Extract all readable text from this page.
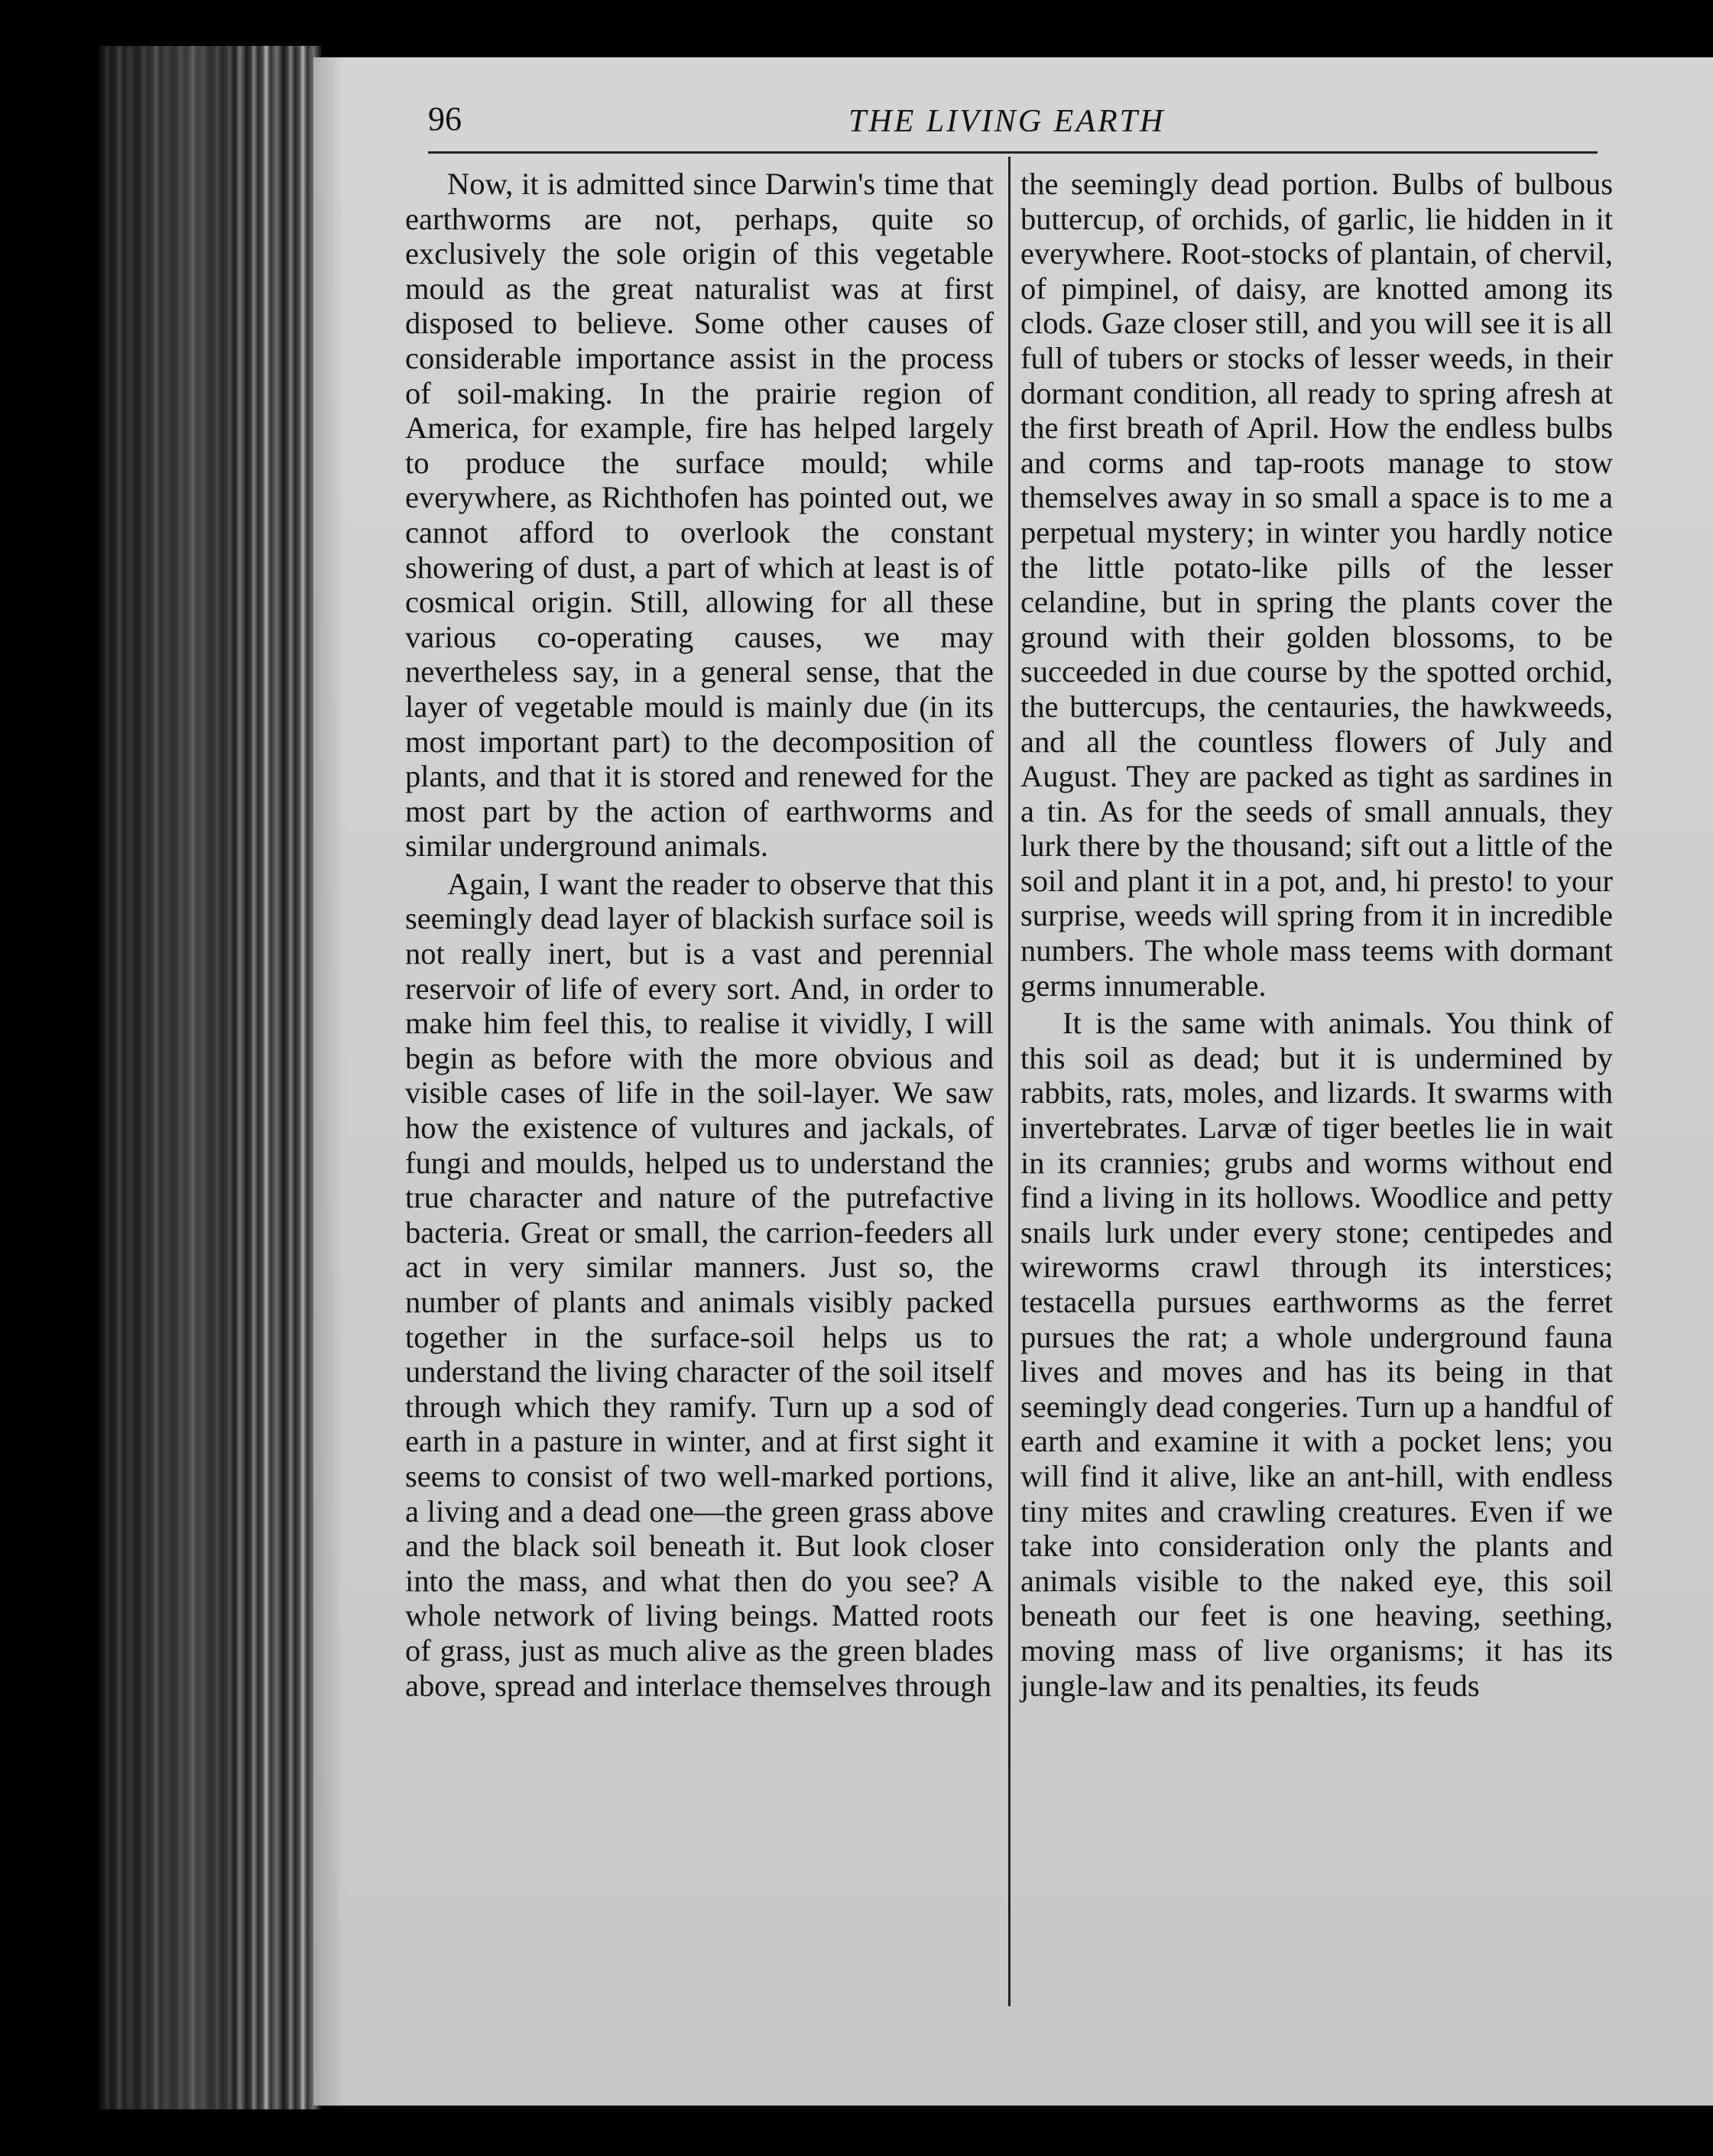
96	THE LIVING EARTH

Now, it is admitted since Darwin's time that earthworms are not, perhaps, quite so exclusively the sole origin of this vegetable mould as the great naturalist was at first disposed to believe. Some other causes of considerable importance assist in the process of soil-making. In the prairie region of America, for example, fire has helped largely to produce the surface mould; while everywhere, as Richthofen has pointed out, we cannot afford to overlook the constant showering of dust, a part of which at least is of cosmical origin. Still, allowing for all these various co-operating causes, we may nevertheless say, in a general sense, that the layer of vegetable mould is mainly due (in its most important part) to the decomposition of plants, and that it is stored and renewed for the most part by the action of earthworms and similar underground animals.

Again, I want the reader to observe that this seemingly dead layer of blackish surface soil is not really inert, but is a vast and perennial reservoir of life of every sort. And, in order to make him feel this, to realise it vividly, I will begin as before with the more obvious and visible cases of life in the soil-layer. We saw how the existence of vultures and jackals, of fungi and moulds, helped us to understand the true character and nature of the putrefactive bacteria. Great or small, the carrion-feeders all act in very similar manners. Just so, the number of plants and animals visibly packed together in the surface-soil helps us to understand the living character of the soil itself through which they ramify. Turn up a sod of earth in a pasture in winter, and at first sight it seems to consist of two well-marked portions, a living and a dead one—the green grass above and the black soil beneath it. But look closer into the mass, and what then do you see? A whole network of living beings. Matted roots of grass, just as much alive as the green blades above, spread and interlace themselves through

the seemingly dead portion. Bulbs of bulbous buttercup, of orchids, of garlic, lie hidden in it everywhere. Root-stocks of plantain, of chervil, of pimpinel, of daisy, are knotted among its clods. Gaze closer still, and you will see it is all full of tubers or stocks of lesser weeds, in their dormant condition, all ready to spring afresh at the first breath of April. How the endless bulbs and corms and tap-roots manage to stow themselves away in so small a space is to me a perpetual mystery; in winter you hardly notice the little potato-like pills of the lesser celandine, but in spring the plants cover the ground with their golden blossoms, to be succeeded in due course by the spotted orchid, the buttercups, the centauries, the hawkweeds, and all the countless flowers of July and August. They are packed as tight as sardines in a tin. As for the seeds of small annuals, they lurk there by the thousand; sift out a little of the soil and plant it in a pot, and, hi presto! to your surprise, weeds will spring from it in incredible numbers. The whole mass teems with dormant germs innumerable.

It is the same with animals. You think of this soil as dead; but it is undermined by rabbits, rats, moles, and lizards. It swarms with invertebrates. Larvæ of tiger beetles lie in wait in its crannies; grubs and worms without end find a living in its hollows. Woodlice and petty snails lurk under every stone; centipedes and wireworms crawl through its interstices; testacella pursues earthworms as the ferret pursues the rat; a whole underground fauna lives and moves and has its being in that seemingly dead congeries. Turn up a handful of earth and examine it with a pocket lens; you will find it alive, like an ant-hill, with endless tiny mites and crawling creatures. Even if we take into consideration only the plants and animals visible to the naked eye, this soil beneath our feet is one heaving, seething, moving mass of live organisms; it has its jungle-law and its penalties, its feuds
